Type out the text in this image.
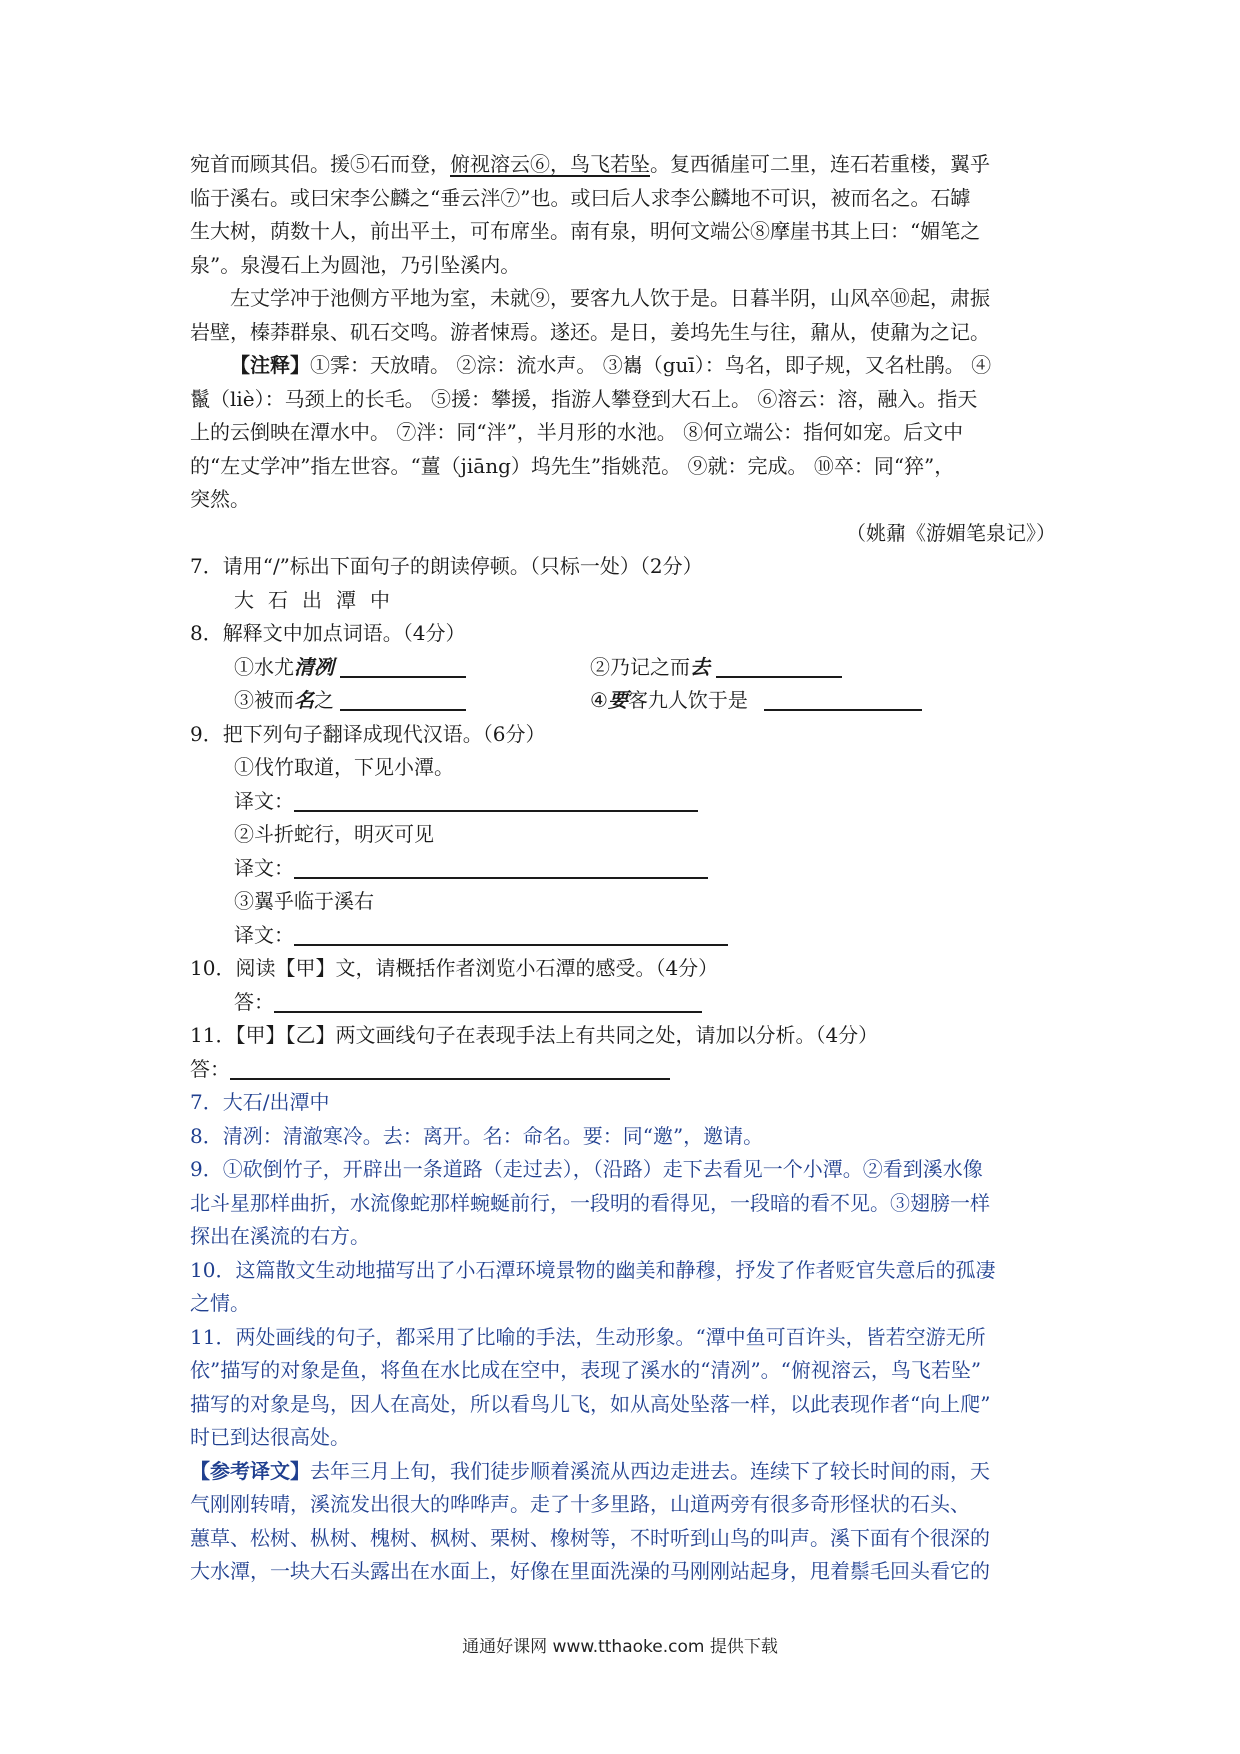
宛首而顾其侣。援⑤石而登，俯视溶云⑥，鸟飞若坠。复西循崖可二里，连石若重楼，翼乎
临于溪右。或曰宋李公麟之“垂云泮⑦”也。或曰后人求李公麟地不可识，被而名之。石罅
生大树，荫数十人，前出平土，可布席坐。南有泉，明何文端公⑧摩崖书其上曰：“媚笔之
泉”。泉漫石上为圆池，乃引坠溪内。
左丈学冲于池侧方平地为室，未就⑨，要客九人饮于是。日暮半阴，山风卒⑩起，肃振
岩壁，榛莽群泉、矶石交鸣。游者悚焉。遂还。是日，姜坞先生与往，鼐从，使鼐为之记。
【注释】①霁：天放晴。 ②淙：流水声。 ③巂（guī）：鸟名，即子规，又名杜鹃。 ④
鬣（liè）：马颈上的长毛。 ⑤援：攀援，指游人攀登到大石上。 ⑥溶云：溶，融入。指天
上的云倒映在潭水中。 ⑦泮：同“泮”，半月形的水池。 ⑧何立端公：指何如宠。后文中
的“左丈学冲”指左世容。“薑（jiāng）坞先生”指姚范。 ⑨就：完成。 ⑩卒：同“猝”，
突然。
（姚鼐《游媚笔泉记》）
7．请用“/”标出下面句子的朗读停顿。（只标一处）（2分）
大石出潭中
8．解释文中加点词语。（4分）
①水尤清冽	②乃记之而去
③被而名之	④要客九人饮于是
9．把下列句子翻译成现代汉语。（6分）
①伐竹取道，下见小潭。
译文：
②斗折蛇行，明灭可见
译文：
③翼乎临于溪右
译文：
10．阅读【甲】文，请概括作者浏览小石潭的感受。（4分）
答：
11．【甲】【乙】两文画线句子在表现手法上有共同之处，请加以分析。（4分）
答：
7．大石/出潭中
8．清冽：清澈寒冷。去：离开。名：命名。要：同“邀”，邀请。
9．①砍倒竹子，开辟出一条道路（走过去），（沿路）走下去看见一个小潭。②看到溪水像
北斗星那样曲折，水流像蛇那样蜿蜒前行，一段明的看得见，一段暗的看不见。③翅膀一样
探出在溪流的右方。
10．这篇散文生动地描写出了小石潭环境景物的幽美和静穆，抒发了作者贬官失意后的孤凄
之情。
11．两处画线的句子，都采用了比喻的手法，生动形象。“潭中鱼可百许头，皆若空游无所
依”描写的对象是鱼，将鱼在水比成在空中，表现了溪水的“清冽”。“俯视溶云，鸟飞若坠”
描写的对象是鸟，因人在高处，所以看鸟儿飞，如从高处坠落一样，以此表现作者“向上爬”
时已到达很高处。
【参考译文】去年三月上旬，我们徒步顺着溪流从西边走进去。连续下了较长时间的雨，天
气刚刚转晴，溪流发出很大的哗哗声。走了十多里路，山道两旁有很多奇形怪状的石头、
蕙草、松树、枞树、槐树、枫树、栗树、橡树等，不时听到山鸟的叫声。溪下面有个很深的
大水潭，一块大石头露出在水面上，好像在里面洗澡的马刚刚站起身，甩着鬃毛回头看它的
通通好课网 www.tthaoke.com 提供下载
